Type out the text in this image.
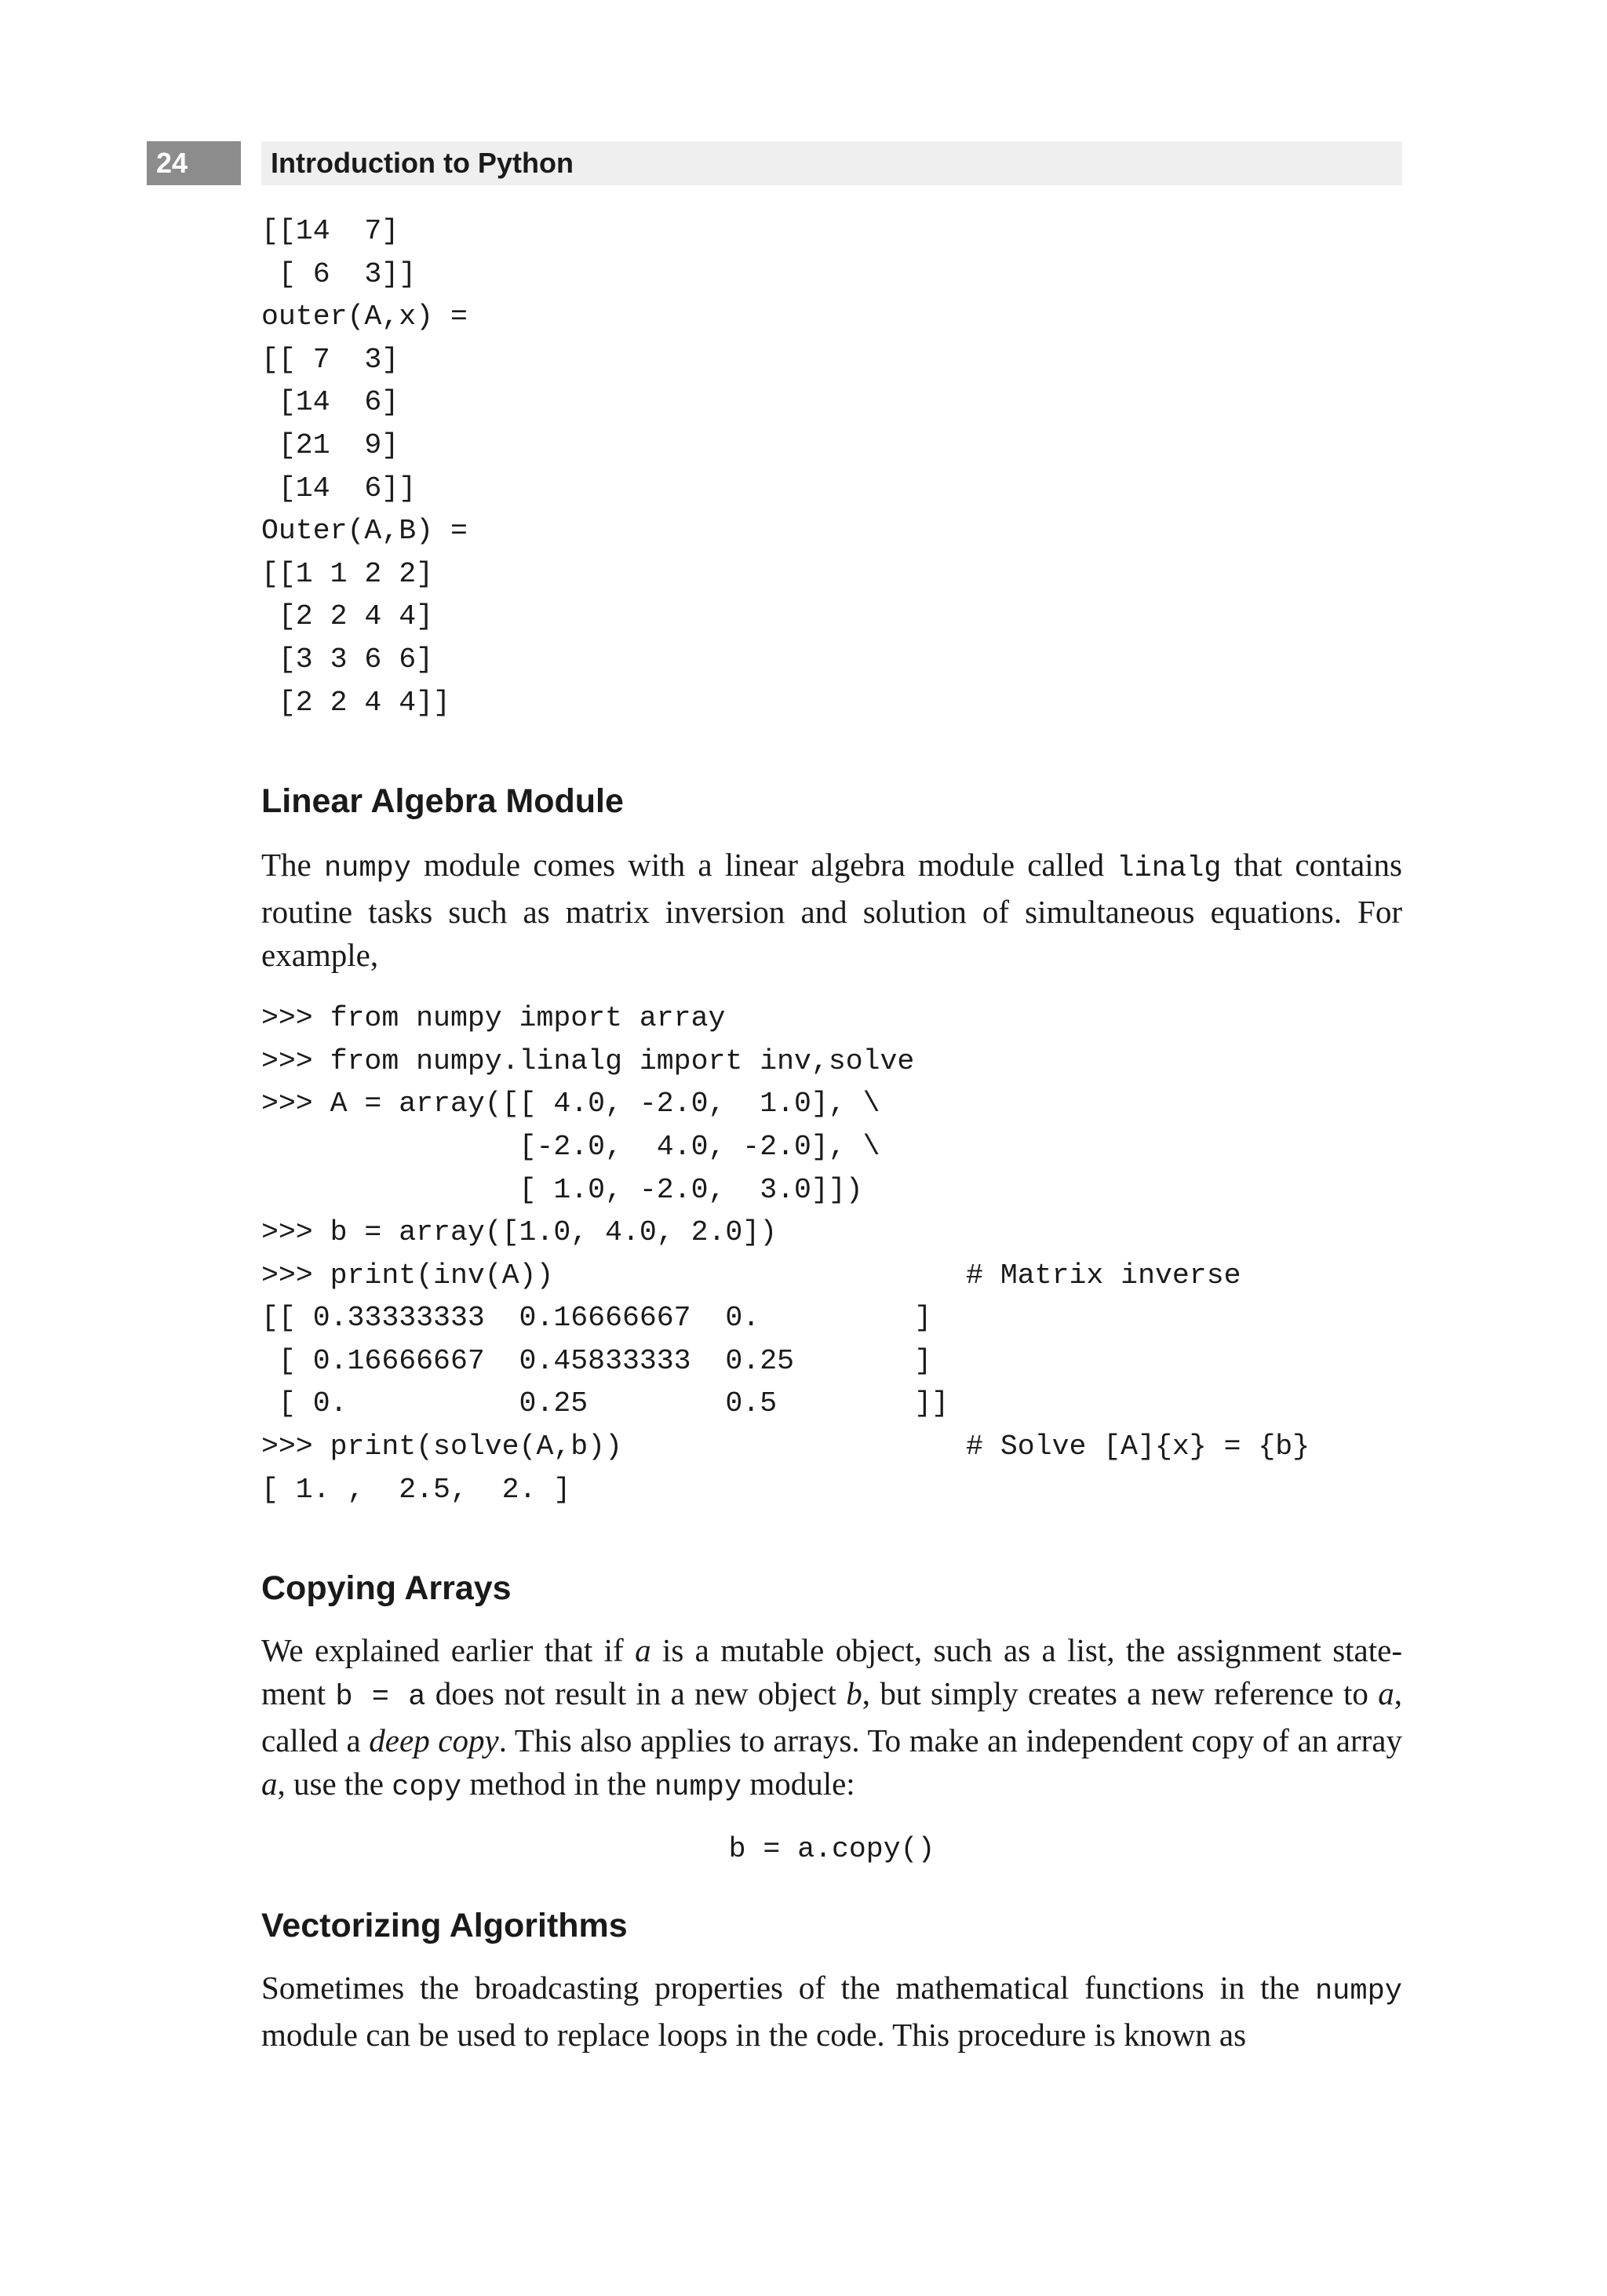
24	Introduction to Python
[[14  7]
[ 6  3]]
outer(A,x) =
[[ 7  3]
[14  6]
[21  9]
[14  6]]
Outer(A,B) =
[[1 1 2 2]
[2 2 4 4]
[3 3 6 6]
[2 2 4 4]]
Linear Algebra Module

The numpy module comes with a linear algebra module called linalg that contains routine tasks such as matrix inversion and solution of simultaneous equations. For example,

>>> from numpy import array
>>> from numpy.linalg import inv,solve
>>> A = array([[ 4.0, -2.0,  1.0], \
[-2.0,  4.0, -2.0], \
[ 1.0, -2.0,  3.0]])
>>> b = array([1.0, 4.0, 2.0])
>>> print(inv(A))                        # Matrix inverse
[[ 0.33333333  0.16666667  0.         ]
[ 0.16666667  0.45833333  0.25       ]
[ 0.          0.25        0.5        ]]
>>> print(solve(A,b))                    # Solve [A]{x} = {b}
[ 1. ,  2.5,  2. ]
Copying Arrays

We explained earlier that if a is a mutable object, such as a list, the assignment state-ment b = a does not result in a new object b, but simply creates a new reference to a, called a deep copy. This also applies to arrays. To make an independent copy of an array a, use the copy method in the numpy module:

b = a.copy()
Vectorizing Algorithms

Sometimes the broadcasting properties of the mathematical functions in the numpy module can be used to replace loops in the code. This procedure is known as
